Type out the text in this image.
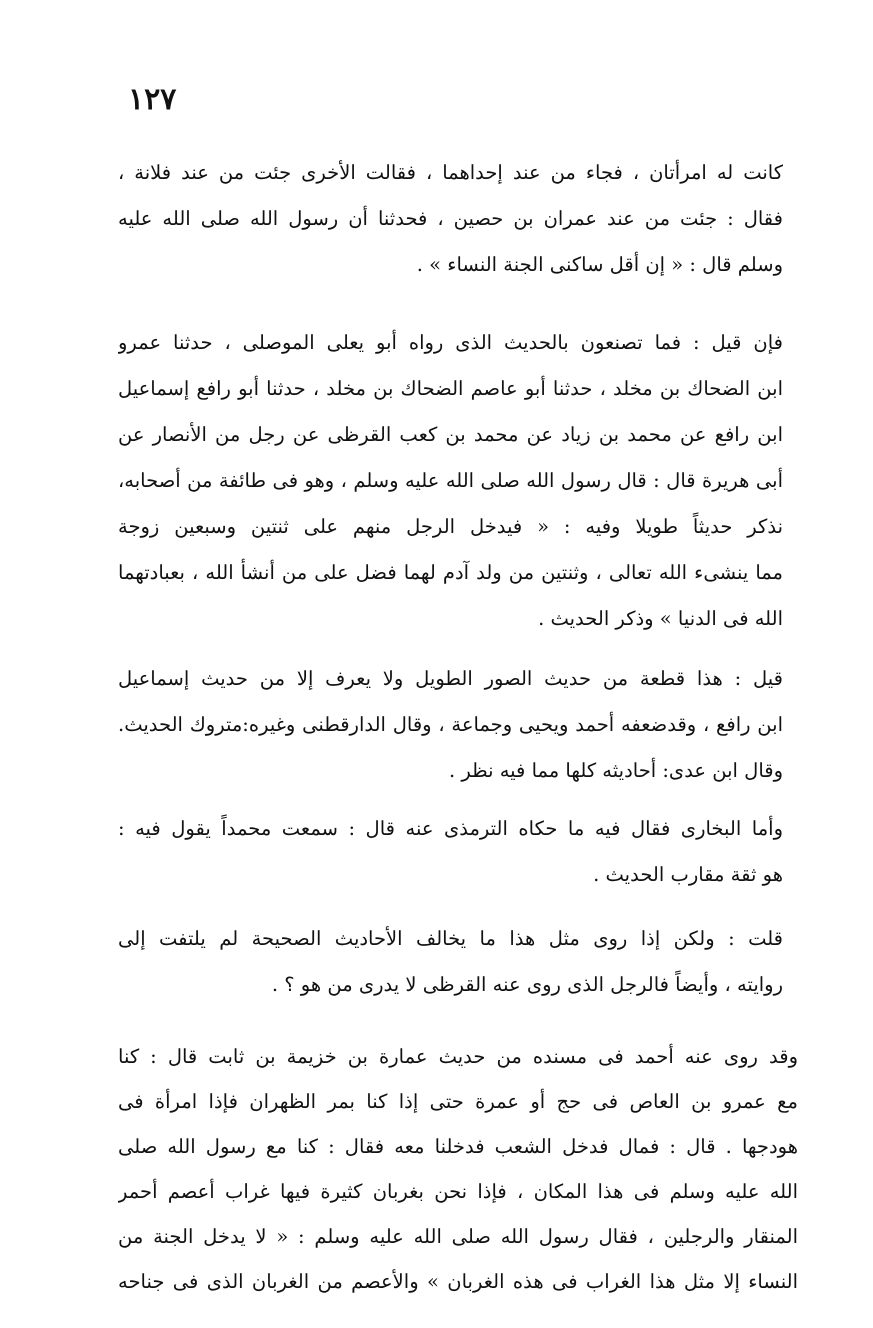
١٢٧
كانت له امرأتان ، فجاء من عند إحداهما ، فقالت الأخرى جئت من عند فلانة ،
فقال : جئت من عند عمران بن حصين ، فحدثنا أن رسول الله صلى الله عليه
وسلم قال : « إن أقل ساكنى الجنة النساء » .
فإن قيل : فما تصنعون بالحديث الذى رواه أبو يعلى الموصلى ، حدثنا عمرو
ابن الضحاك بن مخلد ، حدثنا أبو عاصم الضحاك بن مخلد ، حدثنا أبو رافع إسماعيل
ابن رافع عن محمد بن زياد عن محمد بن كعب القرظى عن رجل من الأنصار عن
أبى هريرة قال : قال رسول الله صلى الله عليه وسلم ، وهو فى طائفة من أصحابه،
نذكر حديثاً طويلا وفيه : « فيدخل الرجل منهم على ثنتين وسبعين زوجة
مما ينشىء الله تعالى ، وثنتين من ولد آدم لهما فضل على من أنشأ الله ، بعبادتهما
الله فى الدنيا » وذكر الحديث .
قيل : هذا قطعة من حديث الصور الطويل ولا يعرف إلا من حديث إسماعيل
ابن رافع ، وقدضعفه أحمد ويحيى وجماعة ، وقال الدارقطنى وغيره:متروك الحديث.
وقال ابن عدى: أحاديثه كلها مما فيه نظر .
وأما البخارى فقال فيه ما حكاه الترمذى عنه قال : سمعت محمداً يقول فيه :
هو ثقة مقارب الحديث .
قلت : ولكن إذا روى مثل هذا ما يخالف الأحاديث الصحيحة لم يلتفت إلى
روايته ، وأيضاً فالرجل الذى روى عنه القرظى لا يدرى من هو ؟ .
وقد روى عنه أحمد فى مسنده من حديث عمارة بن خزيمة بن ثابت قال : كنا
مع عمرو بن العاص فى حج أو عمرة حتى إذا كنا بمر الظهران فإذا امرأة فى
هودجها . قال : فمال فدخل الشعب فدخلنا معه فقال : كنا مع رسول الله صلى
الله عليه وسلم فى هذا المكان ، فإذا نحن بغربان كثيرة فيها غراب أعصم أحمر
المنقار والرجلين ، فقال رسول الله صلى الله عليه وسلم : « لا يدخل الجنة من
النساء إلا مثل هذا الغراب فى هذه الغربان » والأعصم من الغربان الذى فى جناحه
